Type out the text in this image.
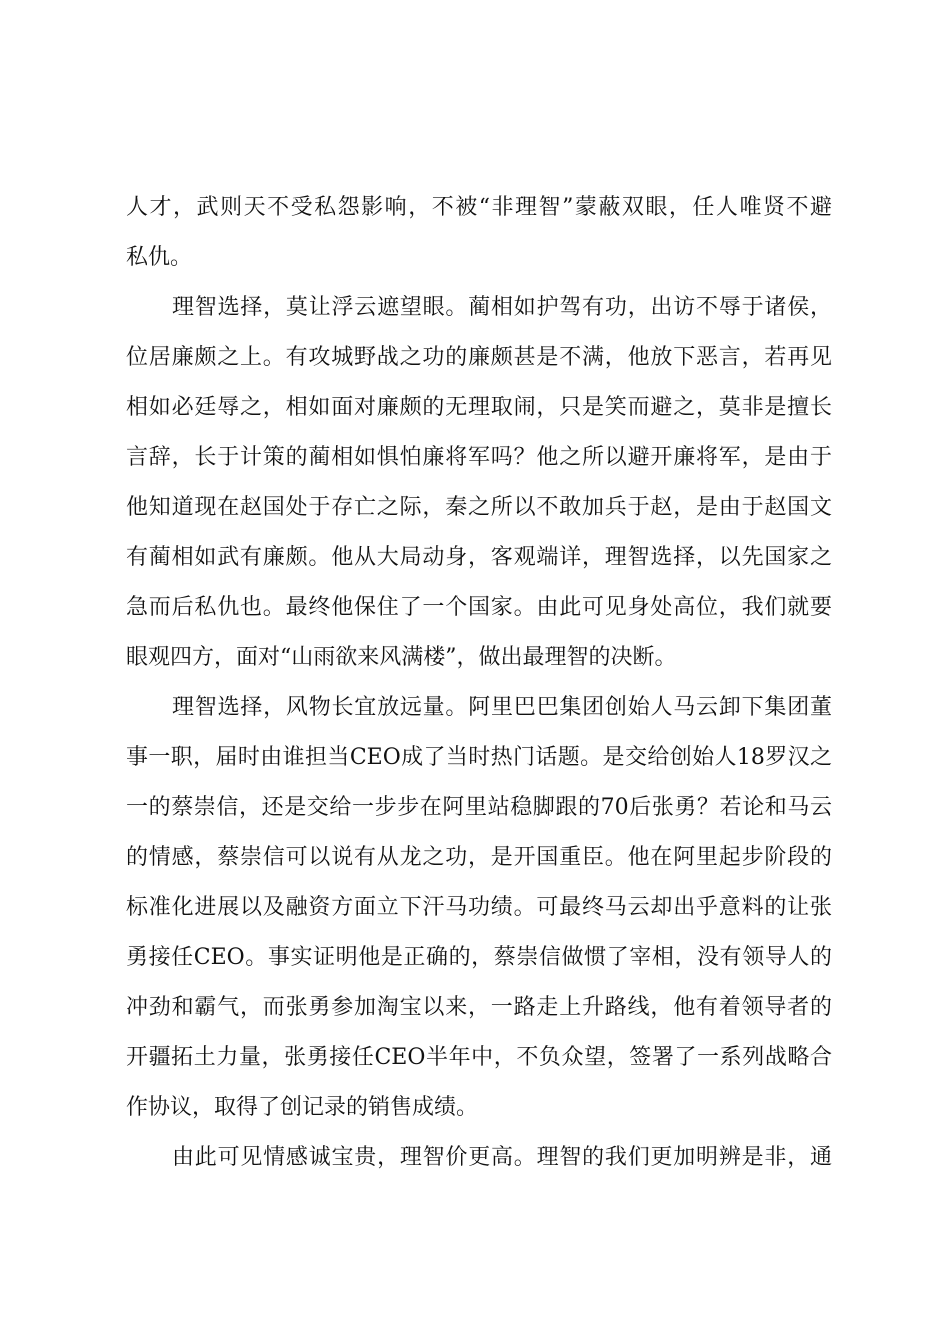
人才，武则天不受私怨影响，不被“非理智”蒙蔽双眼，任人唯贤不避
私仇。
理智选择，莫让浮云遮望眼。蔺相如护驾有功，出访不辱于诸侯，
位居廉颇之上。有攻城野战之功的廉颇甚是不满，他放下恶言，若再见
相如必廷辱之，相如面对廉颇的无理取闹，只是笑而避之，莫非是擅长
言辞，长于计策的蔺相如惧怕廉将军吗？他之所以避开廉将军，是由于
他知道现在赵国处于存亡之际，秦之所以不敢加兵于赵，是由于赵国文
有蔺相如武有廉颇。他从大局动身，客观端详，理智选择，以先国家之
急而后私仇也。最终他保住了一个国家。由此可见身处高位，我们就要
眼观四方，面对“山雨欲来风满楼”，做出最理智的决断。
理智选择，风物长宜放远量。阿里巴巴集团创始人马云卸下集团董
事一职，届时由谁担当CEO成了当时热门话题。是交给创始人18罗汉之
一的蔡崇信，还是交给一步步在阿里站稳脚跟的70后张勇？若论和马云
的情感，蔡崇信可以说有从龙之功，是开国重臣。他在阿里起步阶段的
标准化进展以及融资方面立下汗马功绩。可最终马云却出乎意料的让张
勇接任CEO。事实证明他是正确的，蔡崇信做惯了宰相，没有领导人的
冲劲和霸气，而张勇参加淘宝以来，一路走上升路线，他有着领导者的
开疆拓土力量，张勇接任CEO半年中，不负众望，签署了一系列战略合
作协议，取得了创记录的销售成绩。
由此可见情感诚宝贵，理智价更高。理智的我们更加明辨是非，通
